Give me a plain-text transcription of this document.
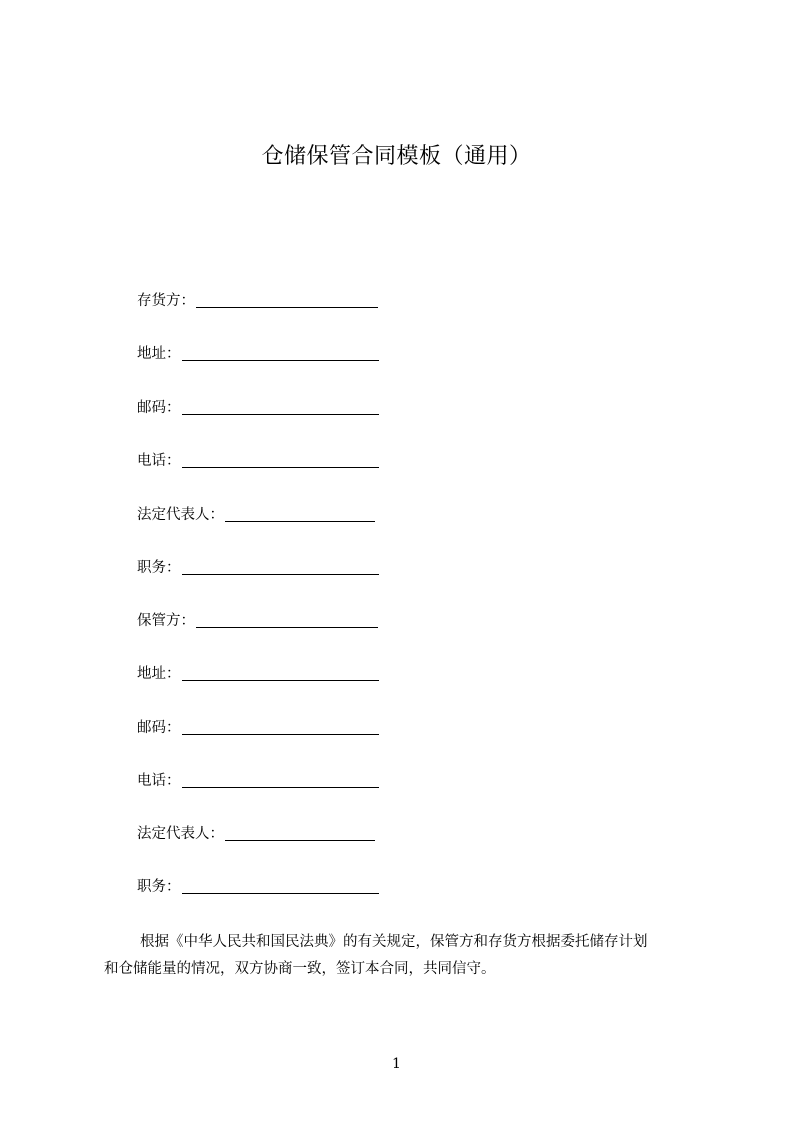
仓储保管合同模板（通用）
存货方：
地址：
邮码：
电话：
法定代表人：
职务：
保管方：
地址：
邮码：
电话：
法定代表人：
职务：

根据《中华人民共和国民法典》的有关规定，保管方和存货方根据委托储存计划

和仓储能量的情况，双方协商一致，签订本合同，共同信守。

1
